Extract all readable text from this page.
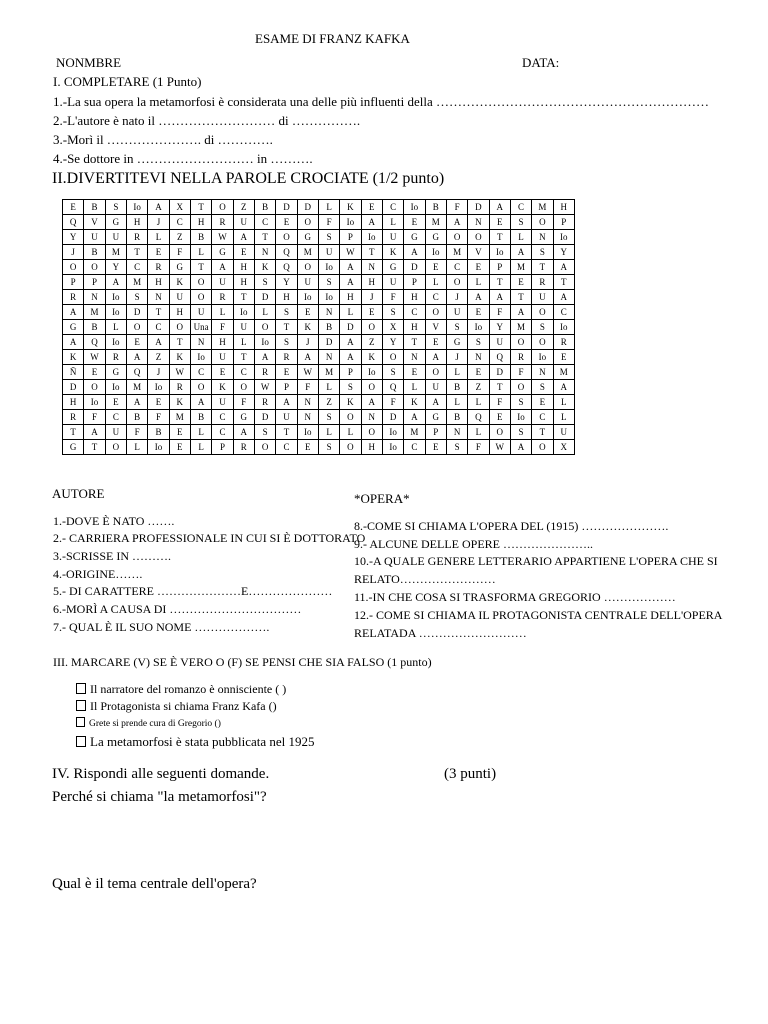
ESAME DI FRANZ KAFKA
NONMBRE	DATA:
I. COMPLETARE (1 Punto)
1.-La sua opera la metamorfosi è considerata una delle più influenti della ………………………………………………………
2.-L'autore è nato il ……………………… di …………….
3.-Morì il …………………. di ………….
4.-Se dottore in ……………………… in ……….
II.DIVERTITEVI NELLA PAROLE CROCIATE (1/2 punto)
E	B	S	Io	A	X	T	O	Z	B	D	D	L	K	E	C	Io	B	F	D	A	C	M	H
Q	V	G	H	J	C	H	R	U	C	E	O	F	Io	A	L	E	M	A	N	E	S	O	P
Y	U	U	R	L	Z	B	W	A	T	O	G	S	P	Io	U	G	G	O	O	T	L	N	Io
J	B	M	T	E	F	L	G	E	N	Q	M	U	W	T	K	A	Io	M	V	Io	A	S	Y
O	O	Y	C	R	G	T	A	H	K	Q	O	Io	A	N	G	D	E	C	E	P	M	T	A
P	P	A	M	H	K	O	U	H	S	Y	U	S	A	H	U	P	L	O	L	T	E	R	T
R	N	Io	S	N	U	O	R	T	D	H	Io	Io	H	J	F	H	C	J	A	A	T	U	A
A	M	Io	D	T	H	U	L	Io	L	S	E	N	L	E	S	C	O	U	E	F	A	O	C
G	B	L	O	C	O	Una	F	U	O	T	K	B	D	O	X	H	V	S	Io	Y	M	S	Io
A	Q	Io	E	A	T	N	H	L	Io	S	J	D	A	Z	Y	T	E	G	S	U	O	O	R
K	W	R	A	Z	K	Io	U	T	A	R	A	N	A	K	O	N	A	J	N	Q	R	Io	E
Ñ	E	G	Q	J	W	C	E	C	R	E	W	M	P	Io	S	E	O	L	E	D	F	N	M
D	O	Io	M	Io	R	O	K	O	W	P	F	L	S	O	Q	L	U	B	Z	T	O	S	A
H	Io	E	A	E	K	A	U	F	R	A	N	Z	K	A	F	K	A	L	L	F	S	E	L
R	F	C	B	F	M	B	C	G	D	U	N	S	O	N	D	A	G	B	Q	E	Io	C	L
T	A	U	F	B	E	L	C	A	S	T	Io	L	L	O	Io	M	P	N	L	O	S	T	U
G	T	O	L	Io	E	L	P	R	O	C	E	S	O	H	Io	C	E	S	F	W	A	O	X
AUTORE	*OPERA*
1.-DOVE È NATO …….
2.- CARRIERA PROFESSIONALE IN CUI SI È DOTTORATO
3.-SCRISSE IN ……….
4.-ORIGINE…….
5.- DI CARATTERE …………………E…………………
6.-MORÌ A CAUSA DI ……………………………
7.- QUAL È IL SUO NOME ……………….
8.-COME SI CHIAMA L'OPERA DEL (1915) ………………….
9.- ALCUNE DELLE OPERE …………………..
10.-A QUALE GENERE LETTERARIO APPARTIENE L'OPERA CHE SI
RELATO……………………
11.-IN CHE COSA SI TRASFORMA GREGORIO ………………
12.- COME SI CHIAMA IL PROTAGONISTA CENTRALE DELL'OPERA
RELATADA ………………………
III. MARCARE (V) SE È VERO O (F) SE PENSI CHE SIA FALSO (1 punto)
Il narratore del romanzo è onnisciente ( )
Il Protagonista si chiama Franz Kafa ()
Grete si prende cura di Gregorio ()
La metamorfosi è stata pubblicata nel 1925
IV. Rispondi alle seguenti domande.	(3 punti)
Perché si chiama "la metamorfosi"?
Qual è il tema centrale dell'opera?
